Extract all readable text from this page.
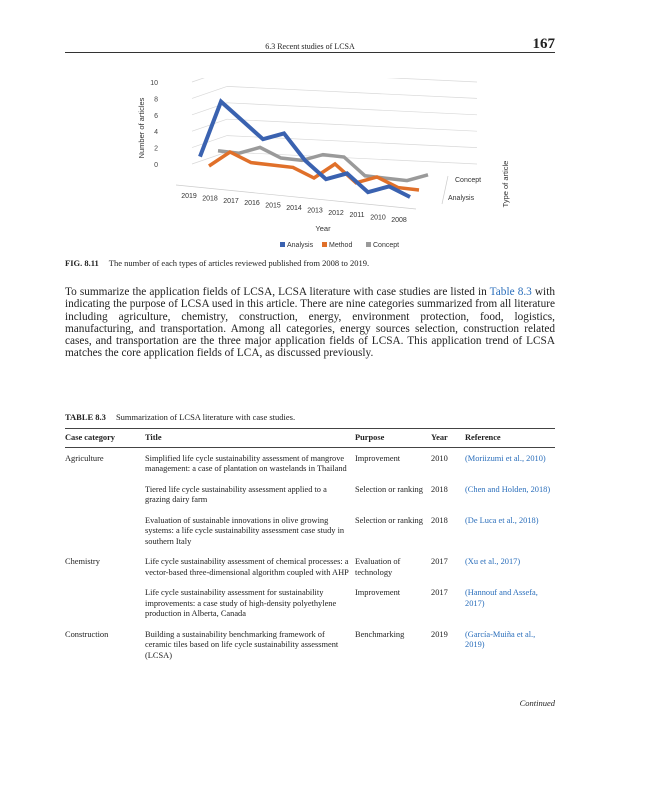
6.3 Recent studies of LCSA	167
0
2
4
6
8
10
2019 2018 2017 2016 2015 2014 2013 2012 2011 2010 2008
Concept
Analysis	Type of article
Number of articles
Year
Analysis Method	Concept
FIG. 8.11 The number of each types of articles reviewed published from 2008 to 2019.
To summarize the application fields of LCSA, LCSA literature with case studies are listed in Table 8.3 with indicating the purpose of LCSA used in this article. There are nine categories summarized from all literature including agriculture, chemistry, construction, energy, environment protection, food, logistics, manufacturing, and transportation. Among all categories, energy sources selection, construction related cases, and transportation are the three major application fields of LCSA. This application trend of LCSA matches the core application fields of LCA, as discussed previously.
TABLE 8.3 Summarization of LCSA literature with case studies.
Case category	Title	Purpose	Year	Reference
Agriculture	Simplified life cycle sustainability assessment of mangrove management: a case of plantation on wastelands in Thailand	Improvement	2010	(Moriizumi et al., 2010)
	Tiered life cycle sustainability assessment applied to a grazing dairy farm	Selection or ranking	2018	(Chen and Holden, 2018)
	Evaluation of sustainable innovations in olive growing systems: a life cycle sustainability assessment case study in southern Italy	Selection or ranking	2018	(De Luca et al., 2018)
Chemistry	Life cycle sustainability assessment of chemical processes: a vector-based three-dimensional algorithm coupled with AHP	Evaluation of technology	2017	(Xu et al., 2017)
	Life cycle sustainability assessment for sustainability improvements: a case study of high-density polyethylene production in Alberta, Canada	Improvement	2017	(Hannouf and Assefa, 2017)
Construction	Building a sustainability benchmarking framework of ceramic tiles based on life cycle sustainability assessment (LCSA)	Benchmarking	2019	(García-Muiña et al., 2019)
Continued
